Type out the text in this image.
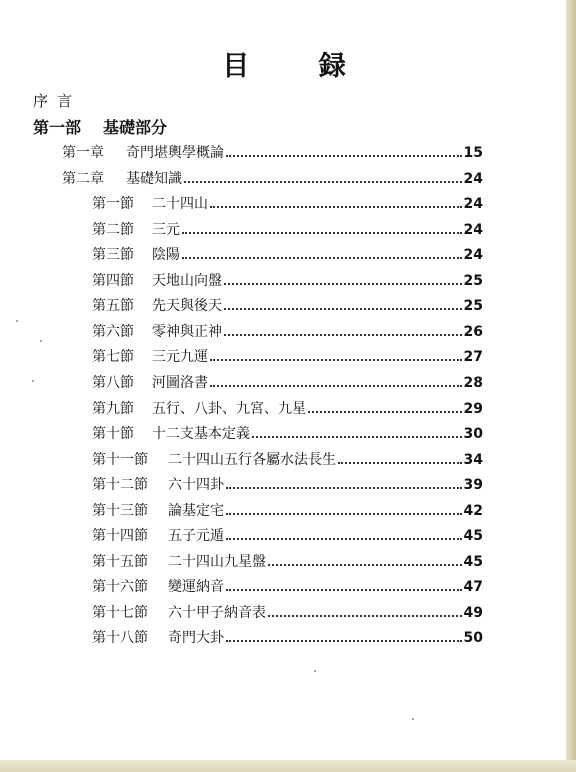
目 録
序言
第一部 基礎部分
第一章	奇門堪輿學概論	15
第二章	基礎知識	24
第一節 二十四山	24
第二節 三元	24
第三節 陰陽	24
第四節 天地山向盤	25
第五節 先天與後天	25
第六節 零神與正神	26
第七節 三元九運	27
第八節 河圖洛書	28
第九節 五行、八卦、九宮、九星	29
第十節 十二支基本定義	30
第十一節	二十四山五行各屬水法長生	34
第十二節	六十四卦	39
第十三節	論基定宅	42
第十四節	五子元遁	45
第十五節	二十四山九星盤	45
第十六節	變運納音	47
第十七節	六十甲子納音表	49
第十八節	奇門大卦	50
